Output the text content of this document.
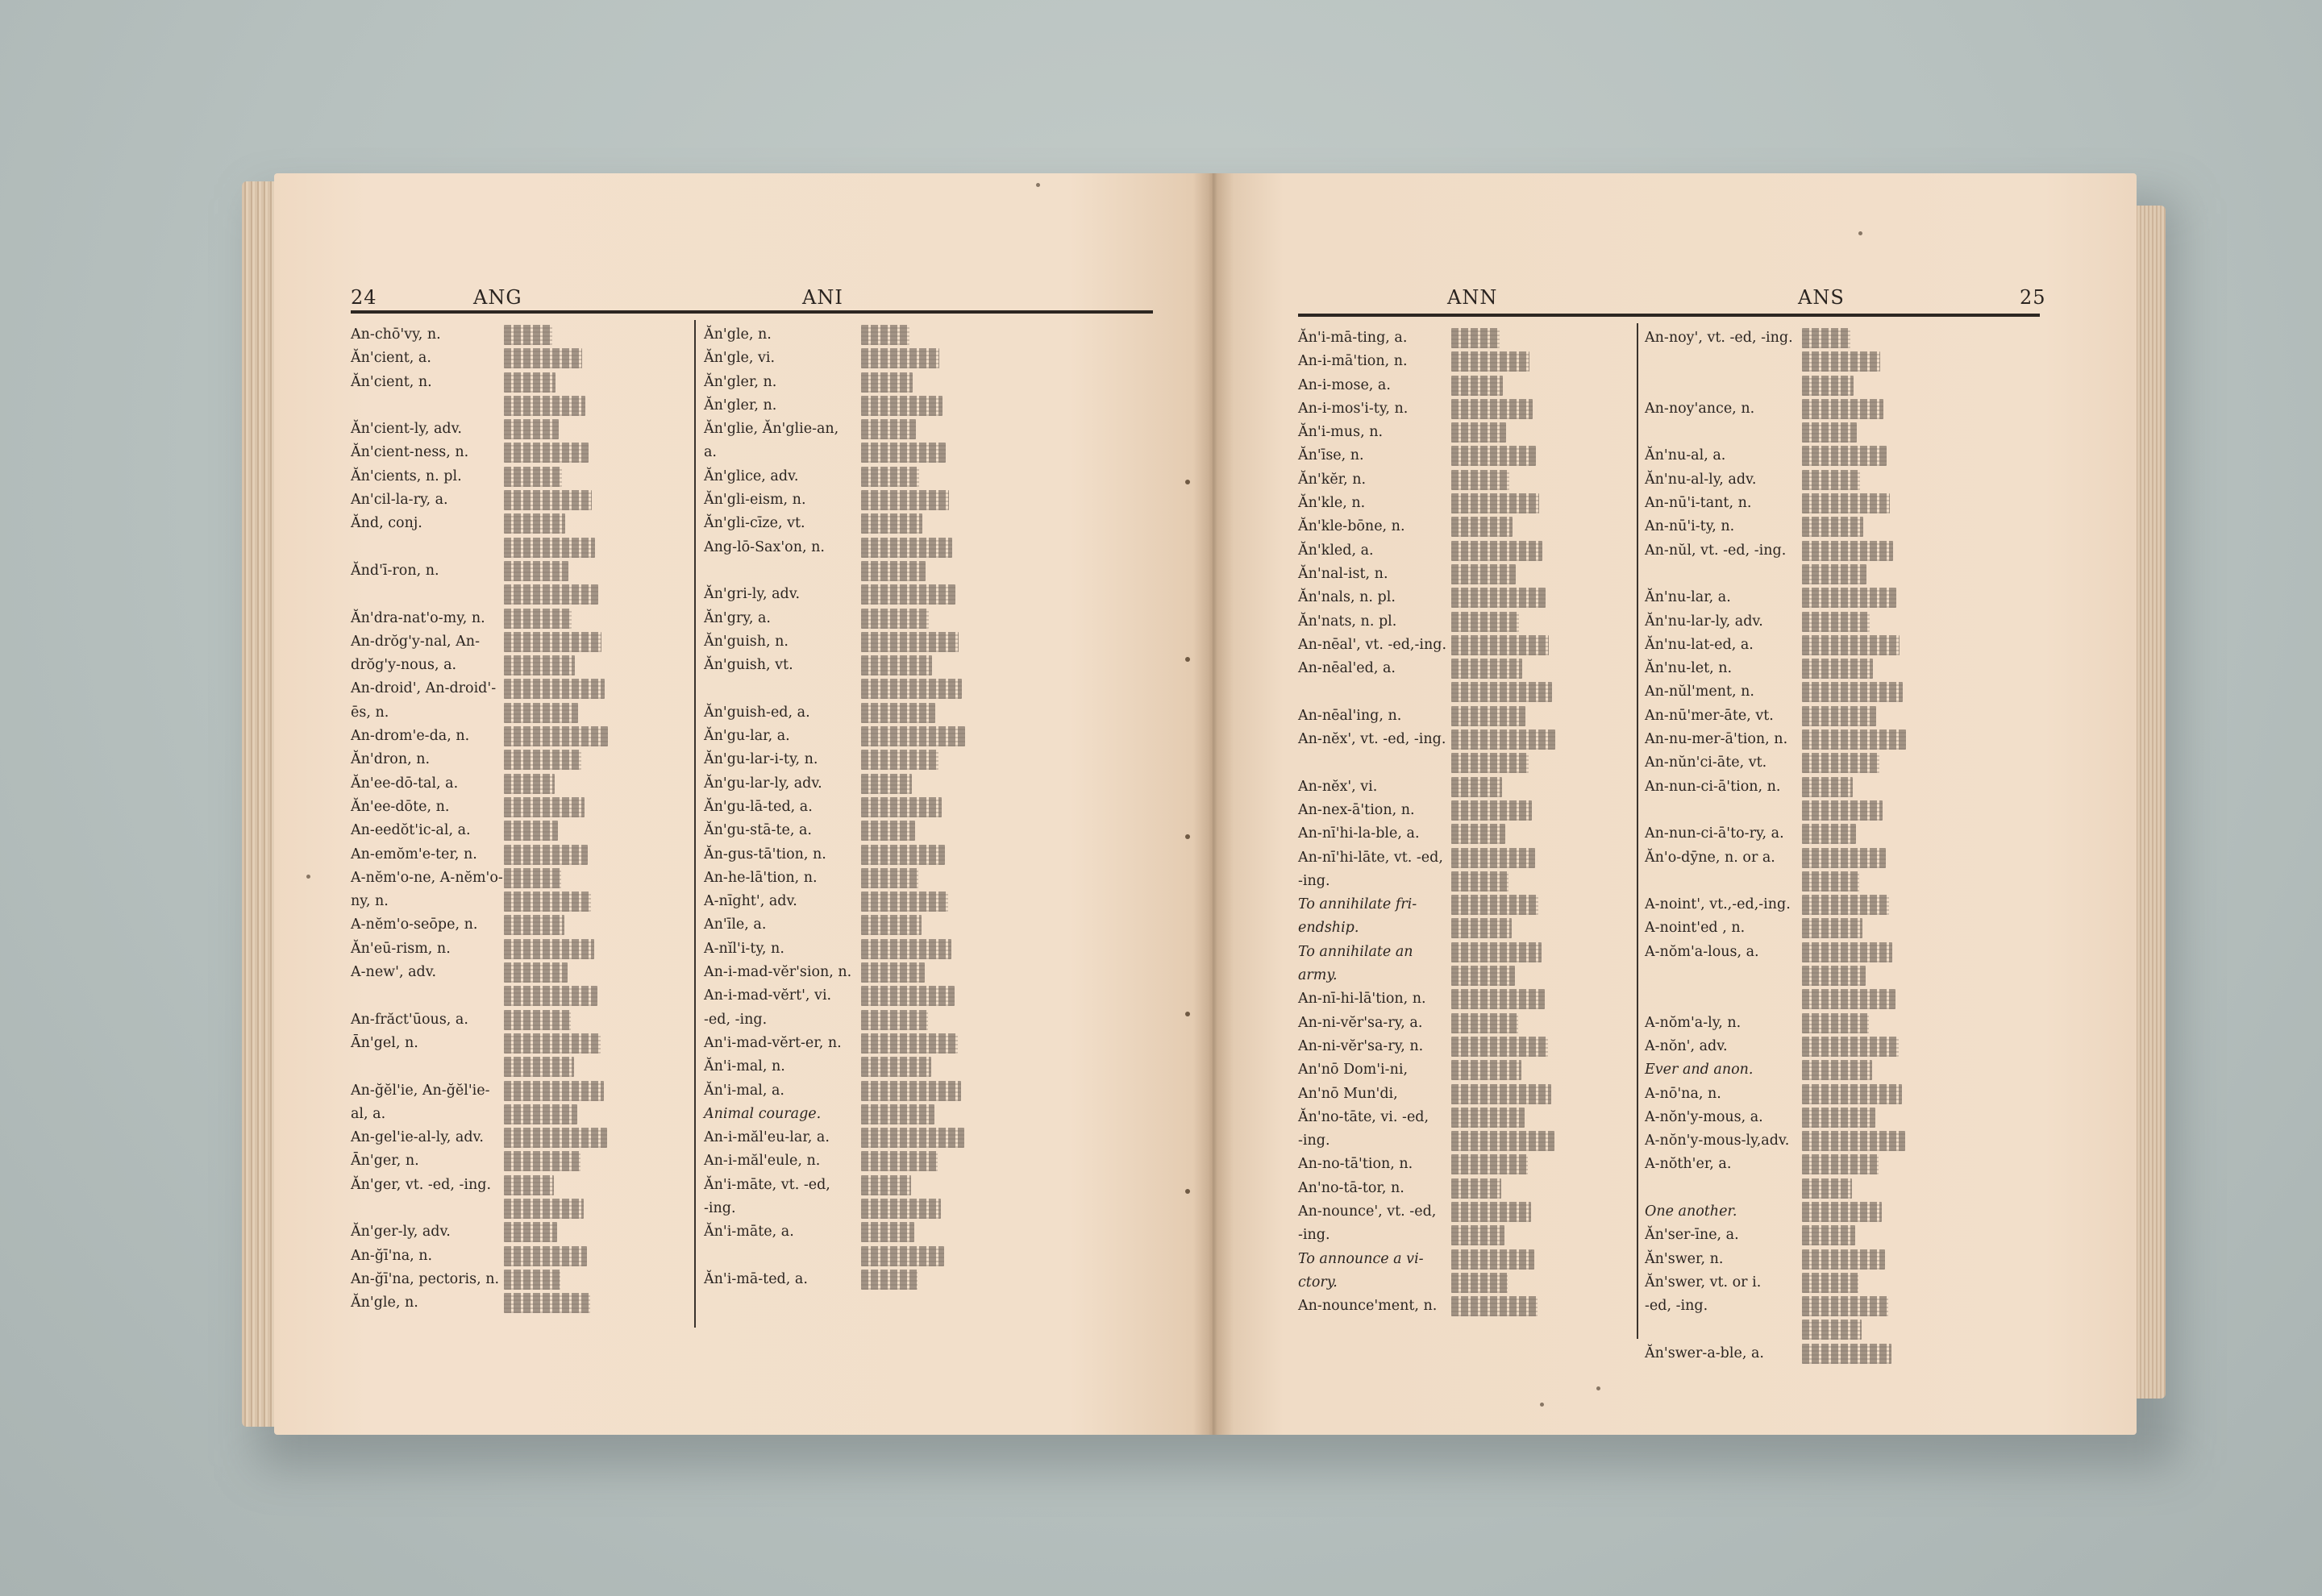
24	ANG	ANI
An-chō'vy, n.
Ăn'cient, a.
Ăn'cient, n.

Ăn'cient-ly, adv.
Ăn'cient-ness, n.
Ăn'cients, n. pl.
An'cil-la-ry, a.
Ănd, conj.

Ănd'ī-ron, n.

Ăn'dra-nat'o-my, n.
An-drŏg'y-nal, An-
drŏg'y-nous, a.
An-droid', An-droid'-
ēs, n.
An-drom'e-da, n.
Ăn'dron, n.
Ăn'ee-dō-tal, a.
Ăn'ee-dōte, n.
An-eedŏt'ic-al, a.
An-emŏm'e-ter, n.
A-nĕm'o-ne, A-nĕm'o-
ny, n.
A-nĕm'o-seōpe, n.
Ăn'eū-rism, n.
A-new', adv.

An-frăct'ūous, a.
Ān'gel, n.

An-ğĕl'ie, An-ğĕl'ie-
al, a.
An-gel'ie-al-ly, adv.
Ān'ger, n.
Ăn'ger, vt. -ed, -ing.

Ăn'ger-ly, adv.
An-ğī'na, n.
An-ğī'na, pectoris, n.
Ăn'gle, n.
Ăn'gle, n.
Ăn'gle, vi.
Ăn'gler, n.
Ăn'gler, n.
Ăn'glie, Ăn'glie-an,
a.
Ăn'glice, adv.
Ăn'gli-eism, n.
Ăn'gli-cīze, vt.
Ang-lō-Sax'on, n.

Ăn'gri-ly, adv.
Ăn'gry, a.
Ăn'guish, n.
Ăn'guish, vt.

Ăn'guish-ed, a.
Ăn'gu-lar, a.
Ăn'gu-lar-i-ty, n.
Ăn'gu-lar-ly, adv.
Ăn'gu-lā-ted, a.
Ăn'gu-stā-te, a.
Ăn-gus-tā'tion, n.
An-he-lā'tion, n.
A-nīght', adv.
An'īle, a.
A-nĭl'i-ty, n.
An-i-mad-vĕr'sion, n.
An-i-mad-vĕrt', vi.
-ed, -ing.
An'i-mad-vĕrt-er, n.
Ăn'i-mal, n.
Ăn'i-mal, a.
Animal courage.
An-i-măl'eu-lar, a.
An-i-măl'eule, n.
Ăn'i-māte, vt. -ed,
-ing.
Ăn'i-māte, a.

Ăn'i-mā-ted, a.
ANN	ANS	25
Ăn'i-mā-ting, a.
An-i-mā'tion, n.
An-i-mose, a.
An-i-mos'i-ty, n.
Ăn'i-mus, n.
Ăn'īse, n.
Ăn'kĕr, n.
Ăn'kle, n.
Ăn'kle-bōne, n.
Ăn'kled, a.
Ăn'nal-ist, n.
Ăn'nals, n. pl.
Ăn'nats, n. pl.
An-nēal', vt. -ed,-ing.
An-nēal'ed, a.

An-nēal'ing, n.
An-nĕx', vt. -ed, -ing.

An-nĕx', vi.
An-nex-ā'tion, n.
An-nī'hi-la-ble, a.
An-nī'hi-lāte, vt. -ed,
-ing.
To annihilate fri-
endship.
To annihilate an
army.
An-nī-hi-lā'tion, n.
An-ni-vĕr'sa-ry, a.
An-ni-vĕr'sa-ry, n.
An'nō Dom'i-ni,
An'nō Mun'di,
Ăn'no-tāte, vi. -ed,
-ing.
An-no-tā'tion, n.
An'no-tā-tor, n.
An-nounce', vt. -ed,
-ing.
To announce a vi-
ctory.
An-nounce'ment, n.
An-noy', vt. -ed, -ing.

An-noy'ance, n.

Ăn'nu-al, a.
Ăn'nu-al-ly, adv.
An-nū'i-tant, n.
An-nū'i-ty, n.
An-nŭl, vt. -ed, -ing.

Ăn'nu-lar, a.
Ăn'nu-lar-ly, adv.
Ăn'nu-lat-ed, a.
Ăn'nu-let, n.
An-nŭl'ment, n.
An-nū'mer-āte, vt.
An-nu-mer-ā'tion, n.
An-nŭn'ci-āte, vt.
An-nun-ci-ā'tion, n.

An-nun-ci-ā'to-ry, a.
Ăn'o-dȳne, n. or a.

A-noint', vt.,-ed,-ing.
A-noint'ed , n.
A-nŏm'a-lous, a.

A-nŏm'a-ly, n.
A-nŏn', adv.
Ever and anon.
A-nō'na, n.
A-nŏn'y-mous, a.
A-nŏn'y-mous-ly,adv.
A-nŏth'er, a.

One another.
Ăn'ser-īne, a.
Ăn'swer, n.
Ăn'swer, vt. or i.
-ed, -ing.

Ăn'swer-a-ble, a.
